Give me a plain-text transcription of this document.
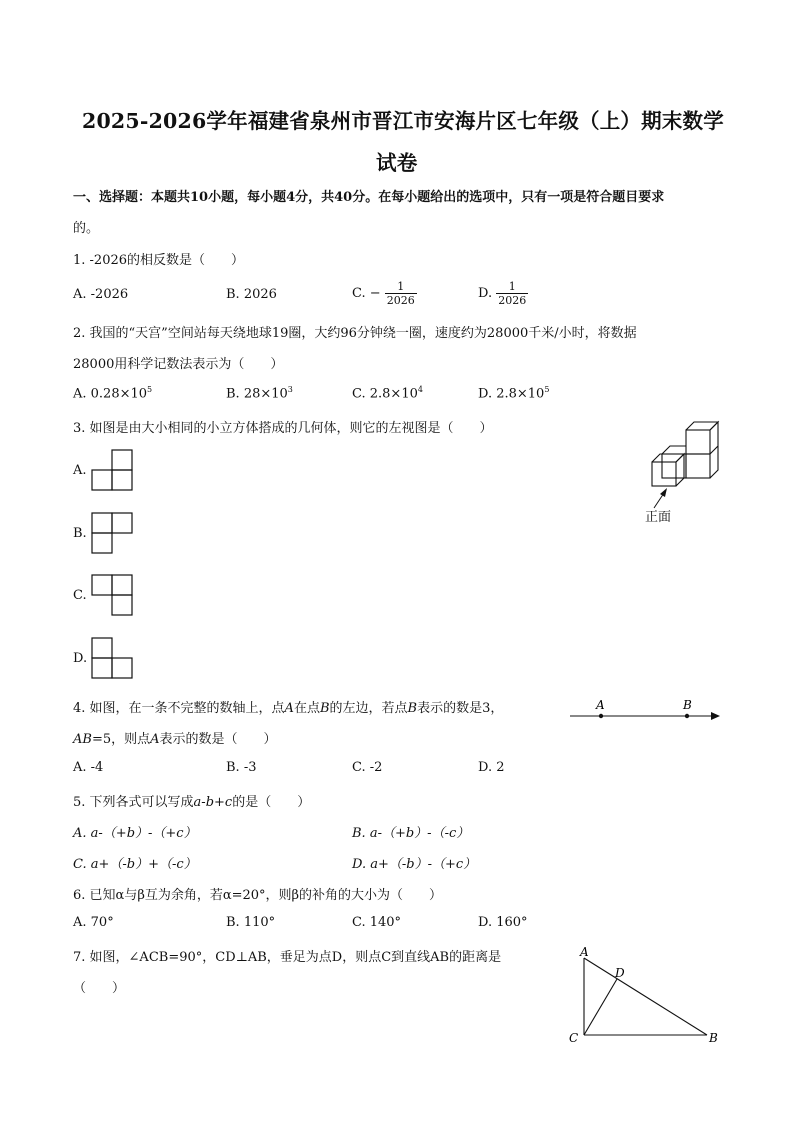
2025-2026学年福建省泉州市晋江市安海片区七年级（上）期末数学
试卷
一、选择题：本题共10小题，每小题4分，共40分。在每小题给出的选项中，只有一项是符合题目要求
的。
1. -2026的相反数是（　　）
A. -2026	B. 2026	C. − $\frac{1}{2026}$	D. $\frac{1}{2026}$
2. 我国的“天宫”空间站每天绕地球19圈，大约96分钟绕一圈，速度约为28000千米/小时，将数据
28000用科学记数法表示为（　　）
A. $0.28\times 10^5$	B. $28\times 10^3$	C. $2.8\times 10^4$	D. $2.8\times 10^5$
3. 如图是由大小相同的小立方体搭成的几何体，则它的左视图是（　　）
A.
B.
C.
D.
正面
4. 如图，在一条不完整的数轴上，点A在点B的左边，若点B表示的数是3，
AB=5，则点A表示的数是（　　）
A. -4	B. -3	C. -2	D. 2
A	B
5. 下列各式可以写成a-b+c的是（　　）
A. a-（+b）-（+c）	B. a-（+b）-（-c）
C. a+（-b）+（-c）	D. a+（-b）-（+c）
6. 已知α与β互为余角，若α=20°，则β的补角的大小为（　　）
A. 70°	B. 110°	C. 140°	D. 160°
7. 如图，∠ACB=90°，CD⊥AB，垂足为点D，则点C到直线AB的距离是
（　　）
A
D
C	B
